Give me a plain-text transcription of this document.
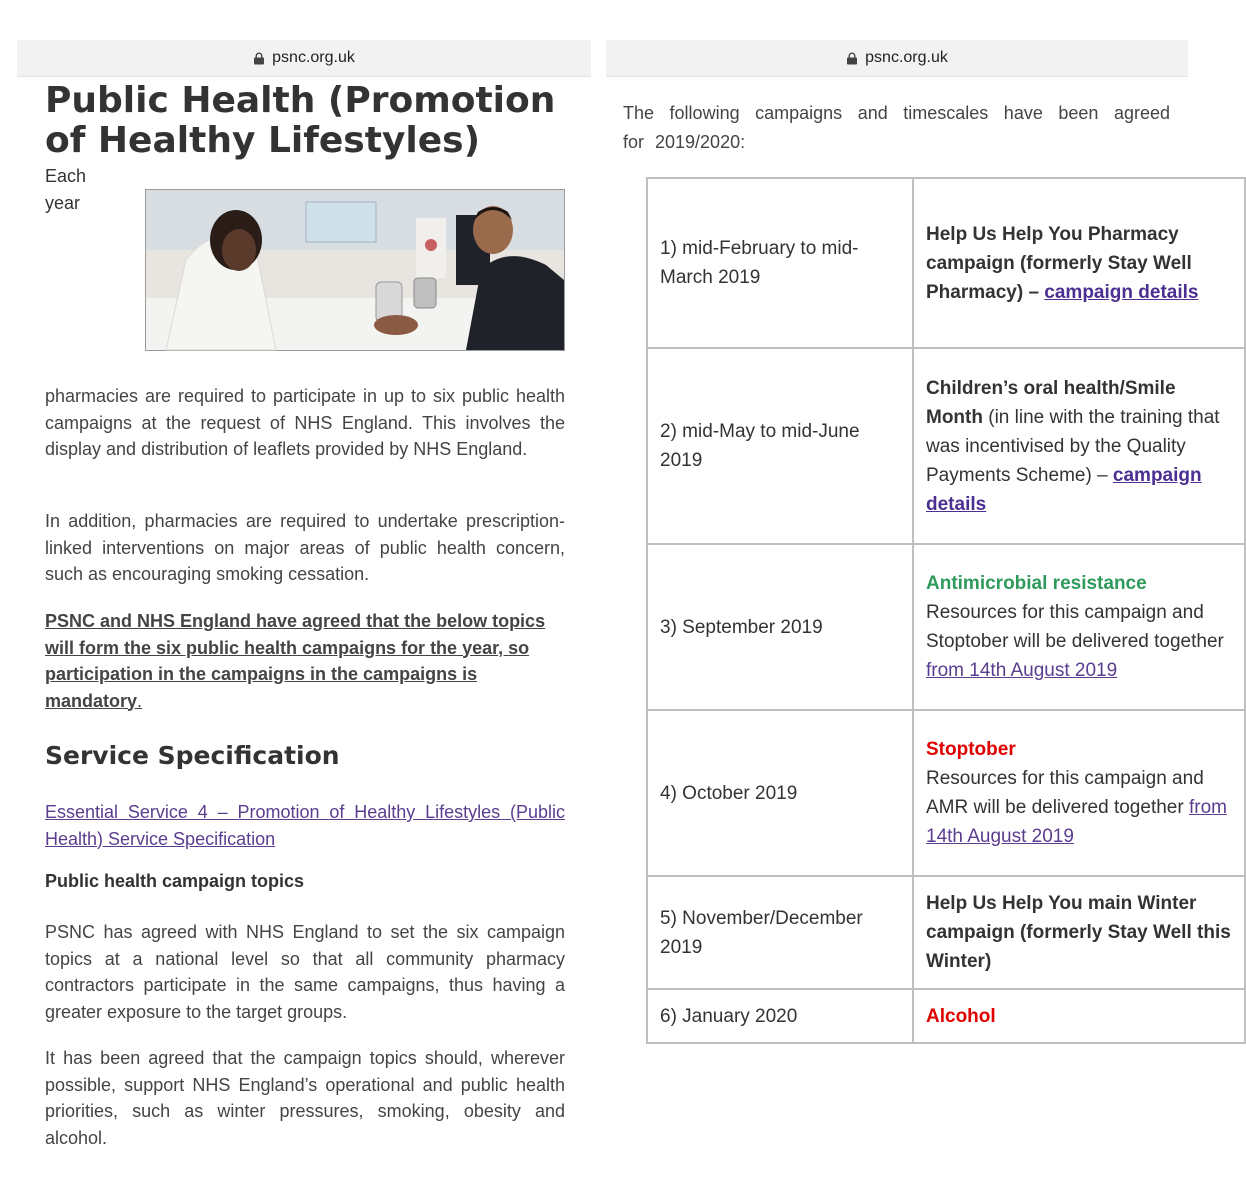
psnc.org.uk
Public Health (Promotion of Healthy Lifestyles)
Each year

pharmacies are required to participate in up to six public health campaigns at the request of NHS England. This involves the display and distribution of leaflets provided by NHS England.

In addition, pharmacies are required to undertake prescription-linked interventions on major areas of public health concern, such as encouraging smoking cessation.

PSNC and NHS England have agreed that the below topics will form the six public health campaigns for the year, so participation in the campaigns in the campaigns is mandatory.

Service Specification

Essential Service 4 – Promotion of Healthy Lifestyles (Public Health) Service Specification

Public health campaign topics

PSNC has agreed with NHS England to set the six campaign topics at a national level so that all community pharmacy contractors participate in the same campaigns, thus having a greater exposure to the target groups.

It has been agreed that the campaign topics should, wherever possible, support NHS England’s operational and public health priorities, such as winter pressures, smoking, obesity and alcohol.

psnc.org.uk

The following campaigns and timescales have been agreed for 2019/2020:

1) mid-February to mid-March 2019	Help Us Help You Pharmacy campaign (formerly Stay Well Pharmacy) – campaign details
2) mid-May to mid-June 2019	Children’s oral health/Smile Month (in line with the training that was incentivised by the Quality Payments Scheme) – campaign details
3) September 2019	Antimicrobial resistance
Resources for this campaign and Stoptober will be delivered together from 14th August 2019
4) October 2019	Stoptober
Resources for this campaign and AMR will be delivered together from 14th August 2019
5) November/December 2019	Help Us Help You main Winter campaign (formerly Stay Well this Winter)
6) January 2020	Alcohol
